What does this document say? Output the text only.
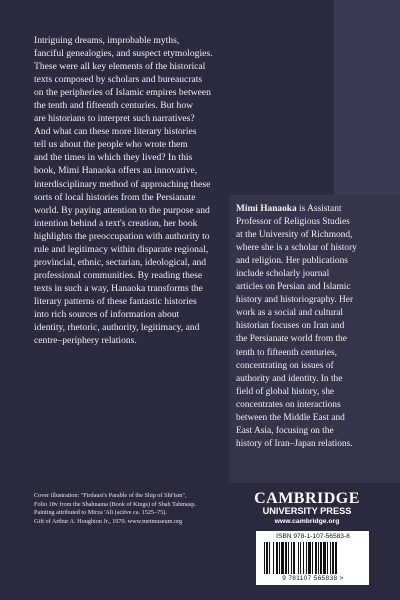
Intriguing dreams, improbable myths,

fanciful genealogies, and suspect etymologies.

These were all key elements of the historical

texts composed by scholars and bureaucrats

on the peripheries of Islamic empires between

the tenth and fifteenth centuries. But how

are historians to interpret such narratives?

And what can these more literary histories

tell us about the people who wrote them

and the times in which they lived? In this

book, Mimi Hanaoka offers an innovative,

interdisciplinary method of approaching these

sorts of local histories from the Persianate

world. By paying attention to the purpose and

intention behind a text's creation, her book

highlights the preoccupation with authority to

rule and legitimacy within disparate regional,

provincial, ethnic, sectarian, ideological, and

professional communities. By reading these

texts in such a way, Hanaoka transforms the

literary patterns of these fantastic histories

into rich sources of information about

identity, rhetoric, authority, legitimacy, and

centre–periphery relations.

Mimi Hanaoka is Assistant
Professor of Religious Studies
at the University of Richmond,
where she is a scholar of history
and religion. Her publications
include scholarly journal
articles on Persian and Islamic
history and historiography. Her
work as a social and cultural
historian focuses on Iran and
the Persianate world from the
tenth to fifteenth centuries,
concentrating on issues of
authority and identity. In the
field of global history, she
concentrates on interactions
between the Middle East and
East Asia, focusing on the
history of Iran–Japan relations.
Cover illustration: "Firdausi's Parable of the Ship of Shi'ism",
Folio 18v from the Shahnama (Book of Kings) of Shah Tahmasp.
Painting attributed to Mirza 'Ali (active ca. 1525–75).
Gift of Arthur A. Houghton Jr., 1970. www.metmuseum.org
CAMBRIDGE
UNIVERSITY PRESS
www.cambridge.org
ISBN 978-1-107-56583-8
9 781107 565838 >
